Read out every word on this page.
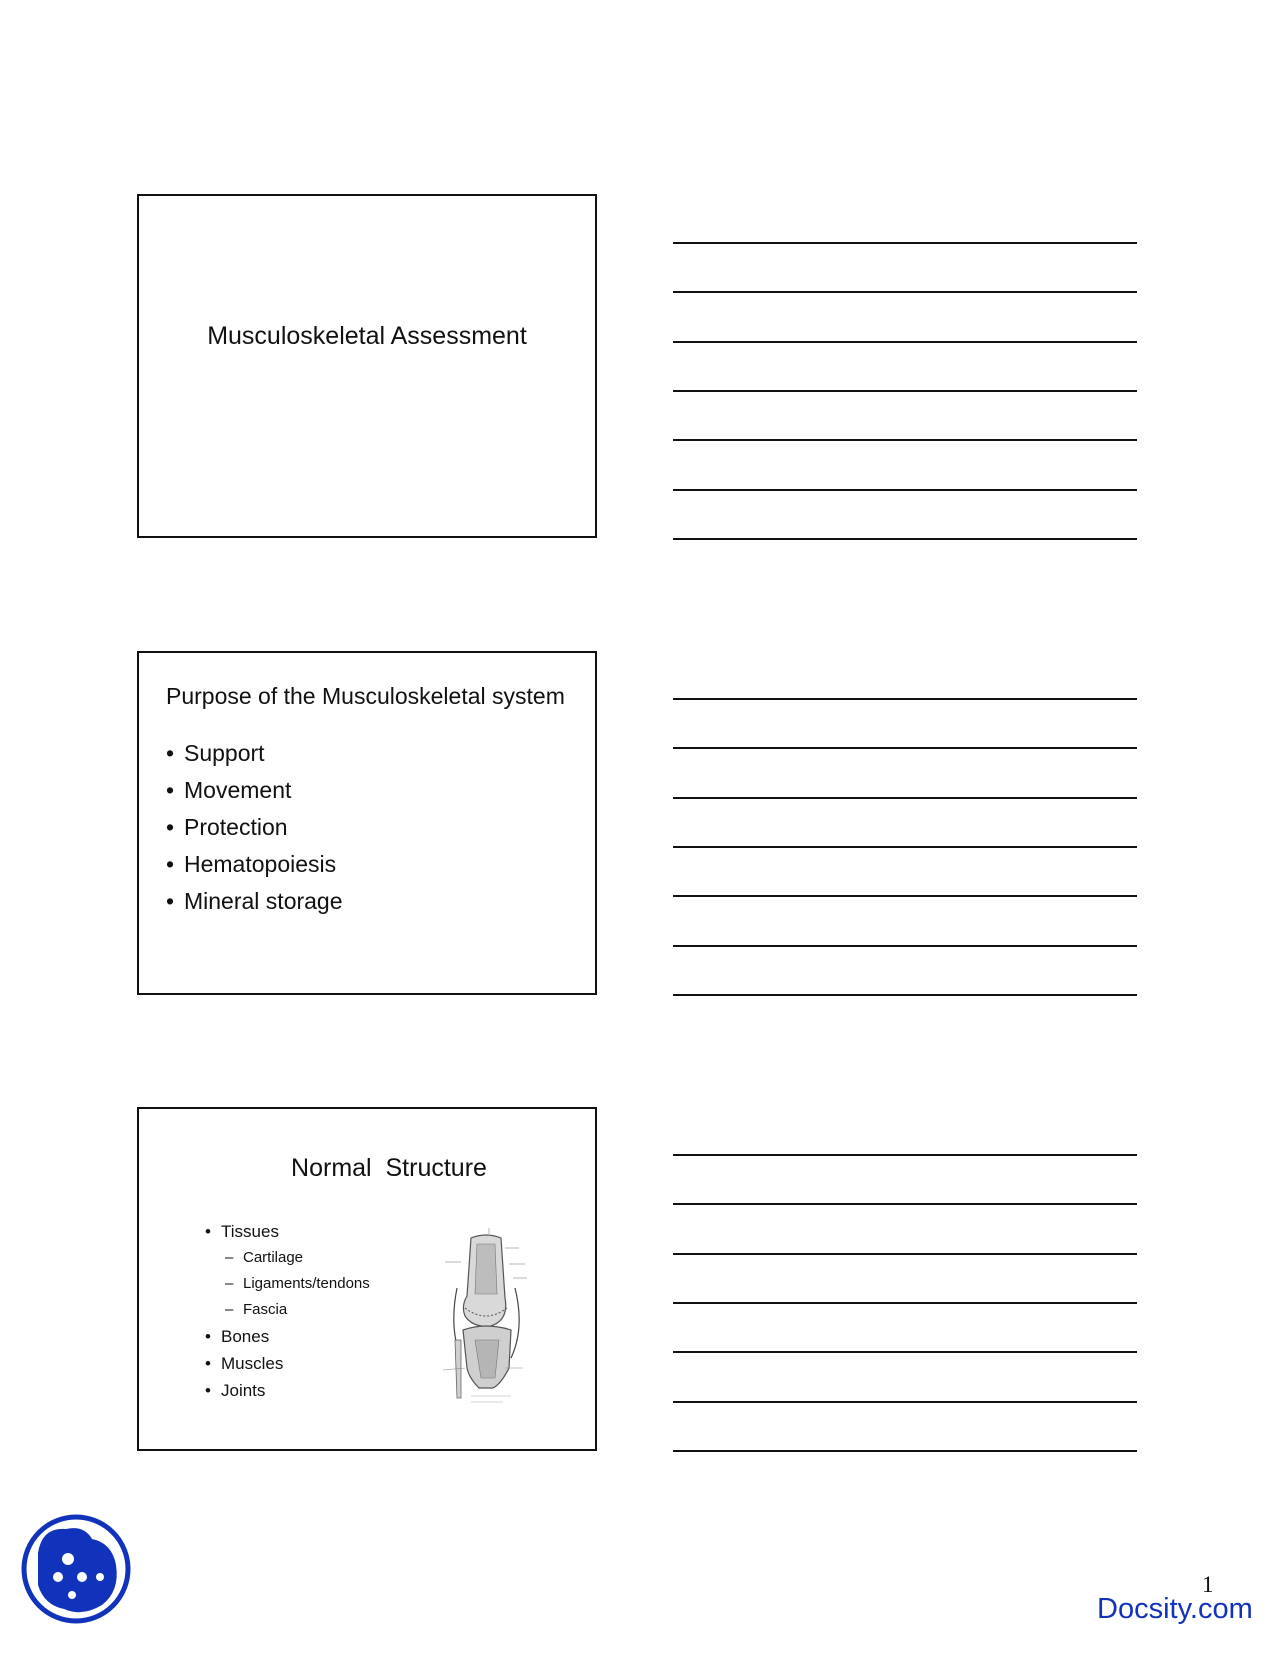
Musculoskeletal Assessment
Purpose of the Musculoskeletal system
• Support
• Movement
• Protection
• Hematopoiesis
• Mineral storage
Normal  Structure
• Tissues
– Cartilage
– Ligaments/tendons
– Fascia
• Bones
• Muscles
• Joints
1
Docsity.com
